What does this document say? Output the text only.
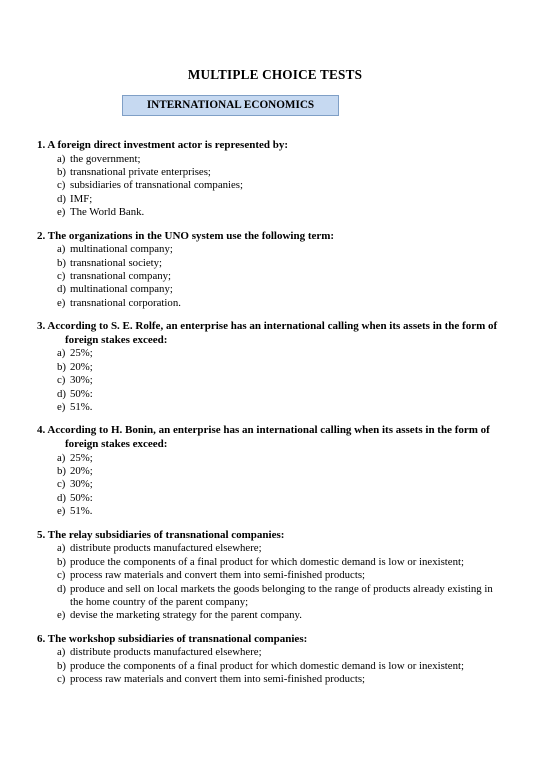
MULTIPLE CHOICE TESTS
INTERNATIONAL ECONOMICS
1. A foreign direct investment actor is represented by:
a) the government;
b) transnational private enterprises;
c) subsidiaries of transnational companies;
d) IMF;
e) The World Bank.
2. The organizations in the UNO system use the following term:
a) multinational company;
b) transnational society;
c) transnational company;
d) multinational company;
e) transnational corporation.
3. According to S. E. Rolfe, an enterprise has an international calling when its assets in the form of foreign stakes exceed:
a) 25%;
b) 20%;
c) 30%;
d) 50%:
e) 51%.
4. According to H. Bonin, an enterprise has an international calling when its assets in the form of foreign stakes exceed:
a) 25%;
b) 20%;
c) 30%;
d) 50%:
e) 51%.
5. The relay subsidiaries of transnational companies:
a) distribute products manufactured elsewhere;
b) produce the components of a final product for which domestic demand is low or inexistent;
c) process raw materials and convert them into semi-finished products;
d) produce and sell on local markets the goods belonging to the range of products already existing in the home country of the parent company;
e) devise the marketing strategy for the parent company.
6. The workshop subsidiaries of transnational companies:
a) distribute products manufactured elsewhere;
b) produce the components of a final product for which domestic demand is low or inexistent;
c) process raw materials and convert them into semi-finished products;
